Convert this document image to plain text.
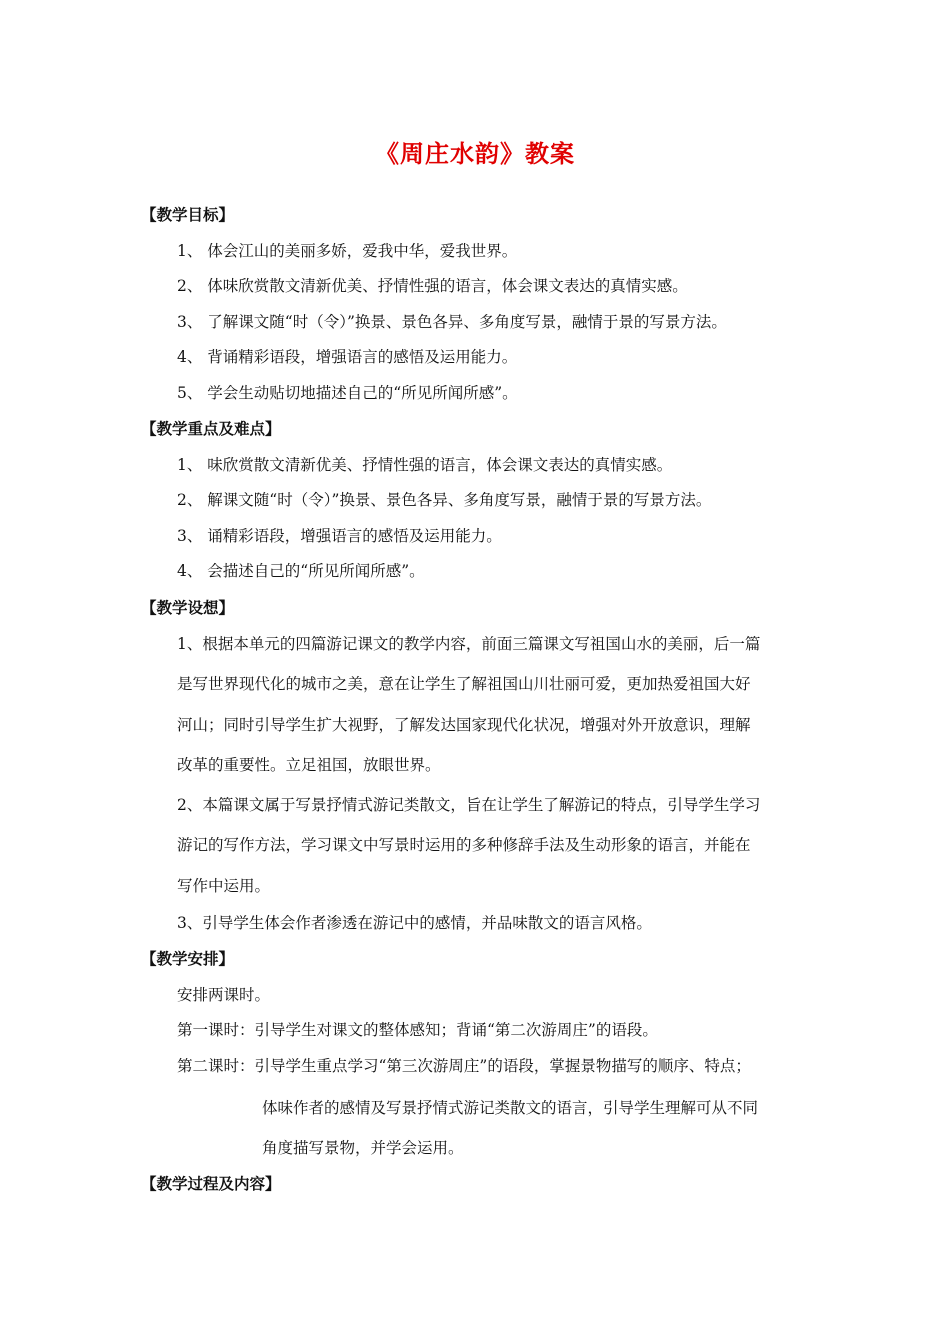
《周庄水韵》教案
【教学目标】
1、 体会江山的美丽多娇，爱我中华，爱我世界。
2、 体味欣赏散文清新优美、抒情性强的语言，体会课文表达的真情实感。
3、 了解课文随“时（令）”换景、景色各异、多角度写景，融情于景的写景方法。
4、 背诵精彩语段，增强语言的感悟及运用能力。
5、 学会生动贴切地描述自己的“所见所闻所感”。
【教学重点及难点】
1、 味欣赏散文清新优美、抒情性强的语言，体会课文表达的真情实感。
2、 解课文随“时（令）”换景、景色各异、多角度写景，融情于景的写景方法。
3、 诵精彩语段，增强语言的感悟及运用能力。
4、 会描述自己的“所见所闻所感”。
【教学设想】
1、根据本单元的四篇游记课文的教学内容，前面三篇课文写祖国山水的美丽，后一篇
是写世界现代化的城市之美，意在让学生了解祖国山川壮丽可爱，更加热爱祖国大好
河山；同时引导学生扩大视野，了解发达国家现代化状况，增强对外开放意识，理解
改革的重要性。立足祖国，放眼世界。
2、本篇课文属于写景抒情式游记类散文，旨在让学生了解游记的特点，引导学生学习
游记的写作方法，学习课文中写景时运用的多种修辞手法及生动形象的语言，并能在
写作中运用。
3、引导学生体会作者渗透在游记中的感情，并品味散文的语言风格。
【教学安排】
安排两课时。
第一课时：引导学生对课文的整体感知；背诵“第二次游周庄”的语段。
第二课时：引导学生重点学习“第三次游周庄”的语段，掌握景物描写的顺序、特点；
体味作者的感情及写景抒情式游记类散文的语言，引导学生理解可从不同
角度描写景物，并学会运用。
【教学过程及内容】
